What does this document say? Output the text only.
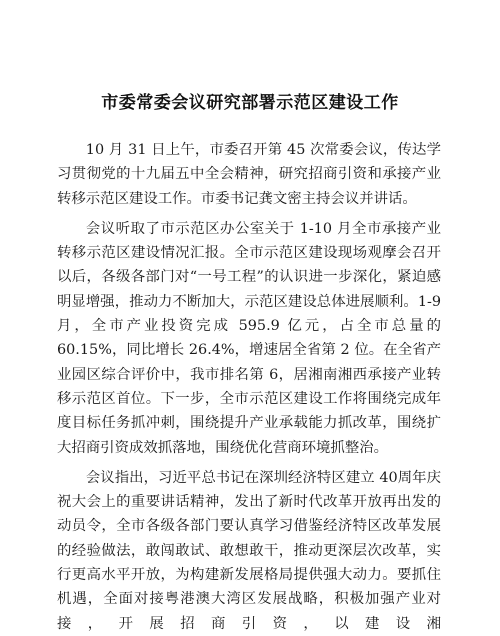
市委常委会议研究部署示范区建设工作

10 月 31 日上午，市委召开第 45 次常委会议，传达学习贯彻党的十九届五中全会精神，研究招商引资和承接产业转移示范区建设工作。市委书记龚文密主持会议并讲话。

会议听取了市示范区办公室关于 1-10 月全市承接产业转移示范区建设情况汇报。全市示范区建设现场观摩会召开以后，各级各部门对“一号工程”的认识进一步深化，紧迫感明显增强，推动力不断加大，示范区建设总体进展顺利。1-9 月，全市产业投资完成 595.9 亿元，占全市总量的 60.15%，同比增长 26.4%，增速居全省第 2 位。在全省产业园区综合评价中，我市排名第 6，居湘南湘西承接产业转移示范区首位。下一步，全市示范区建设工作将围绕完成年度目标任务抓冲刺，围绕提升产业承载能力抓改革，围绕扩大招商引资成效抓落地，围绕优化营商环境抓整治。

会议指出，习近平总书记在深圳经济特区建立 40周年庆祝大会上的重要讲话精神，发出了新时代改革开放再出发的动员令，全市各级各部门要认真学习借鉴经济特区改革发展的经验做法，敢闯敢试、敢想敢干，推动更深层次改革，实行更高水平开放，为构建新发展格局提供强大动力。要抓住机遇，全面对接粤港澳大湾区发展战略，积极加强产业对接，开展招商引资，以建设湘
